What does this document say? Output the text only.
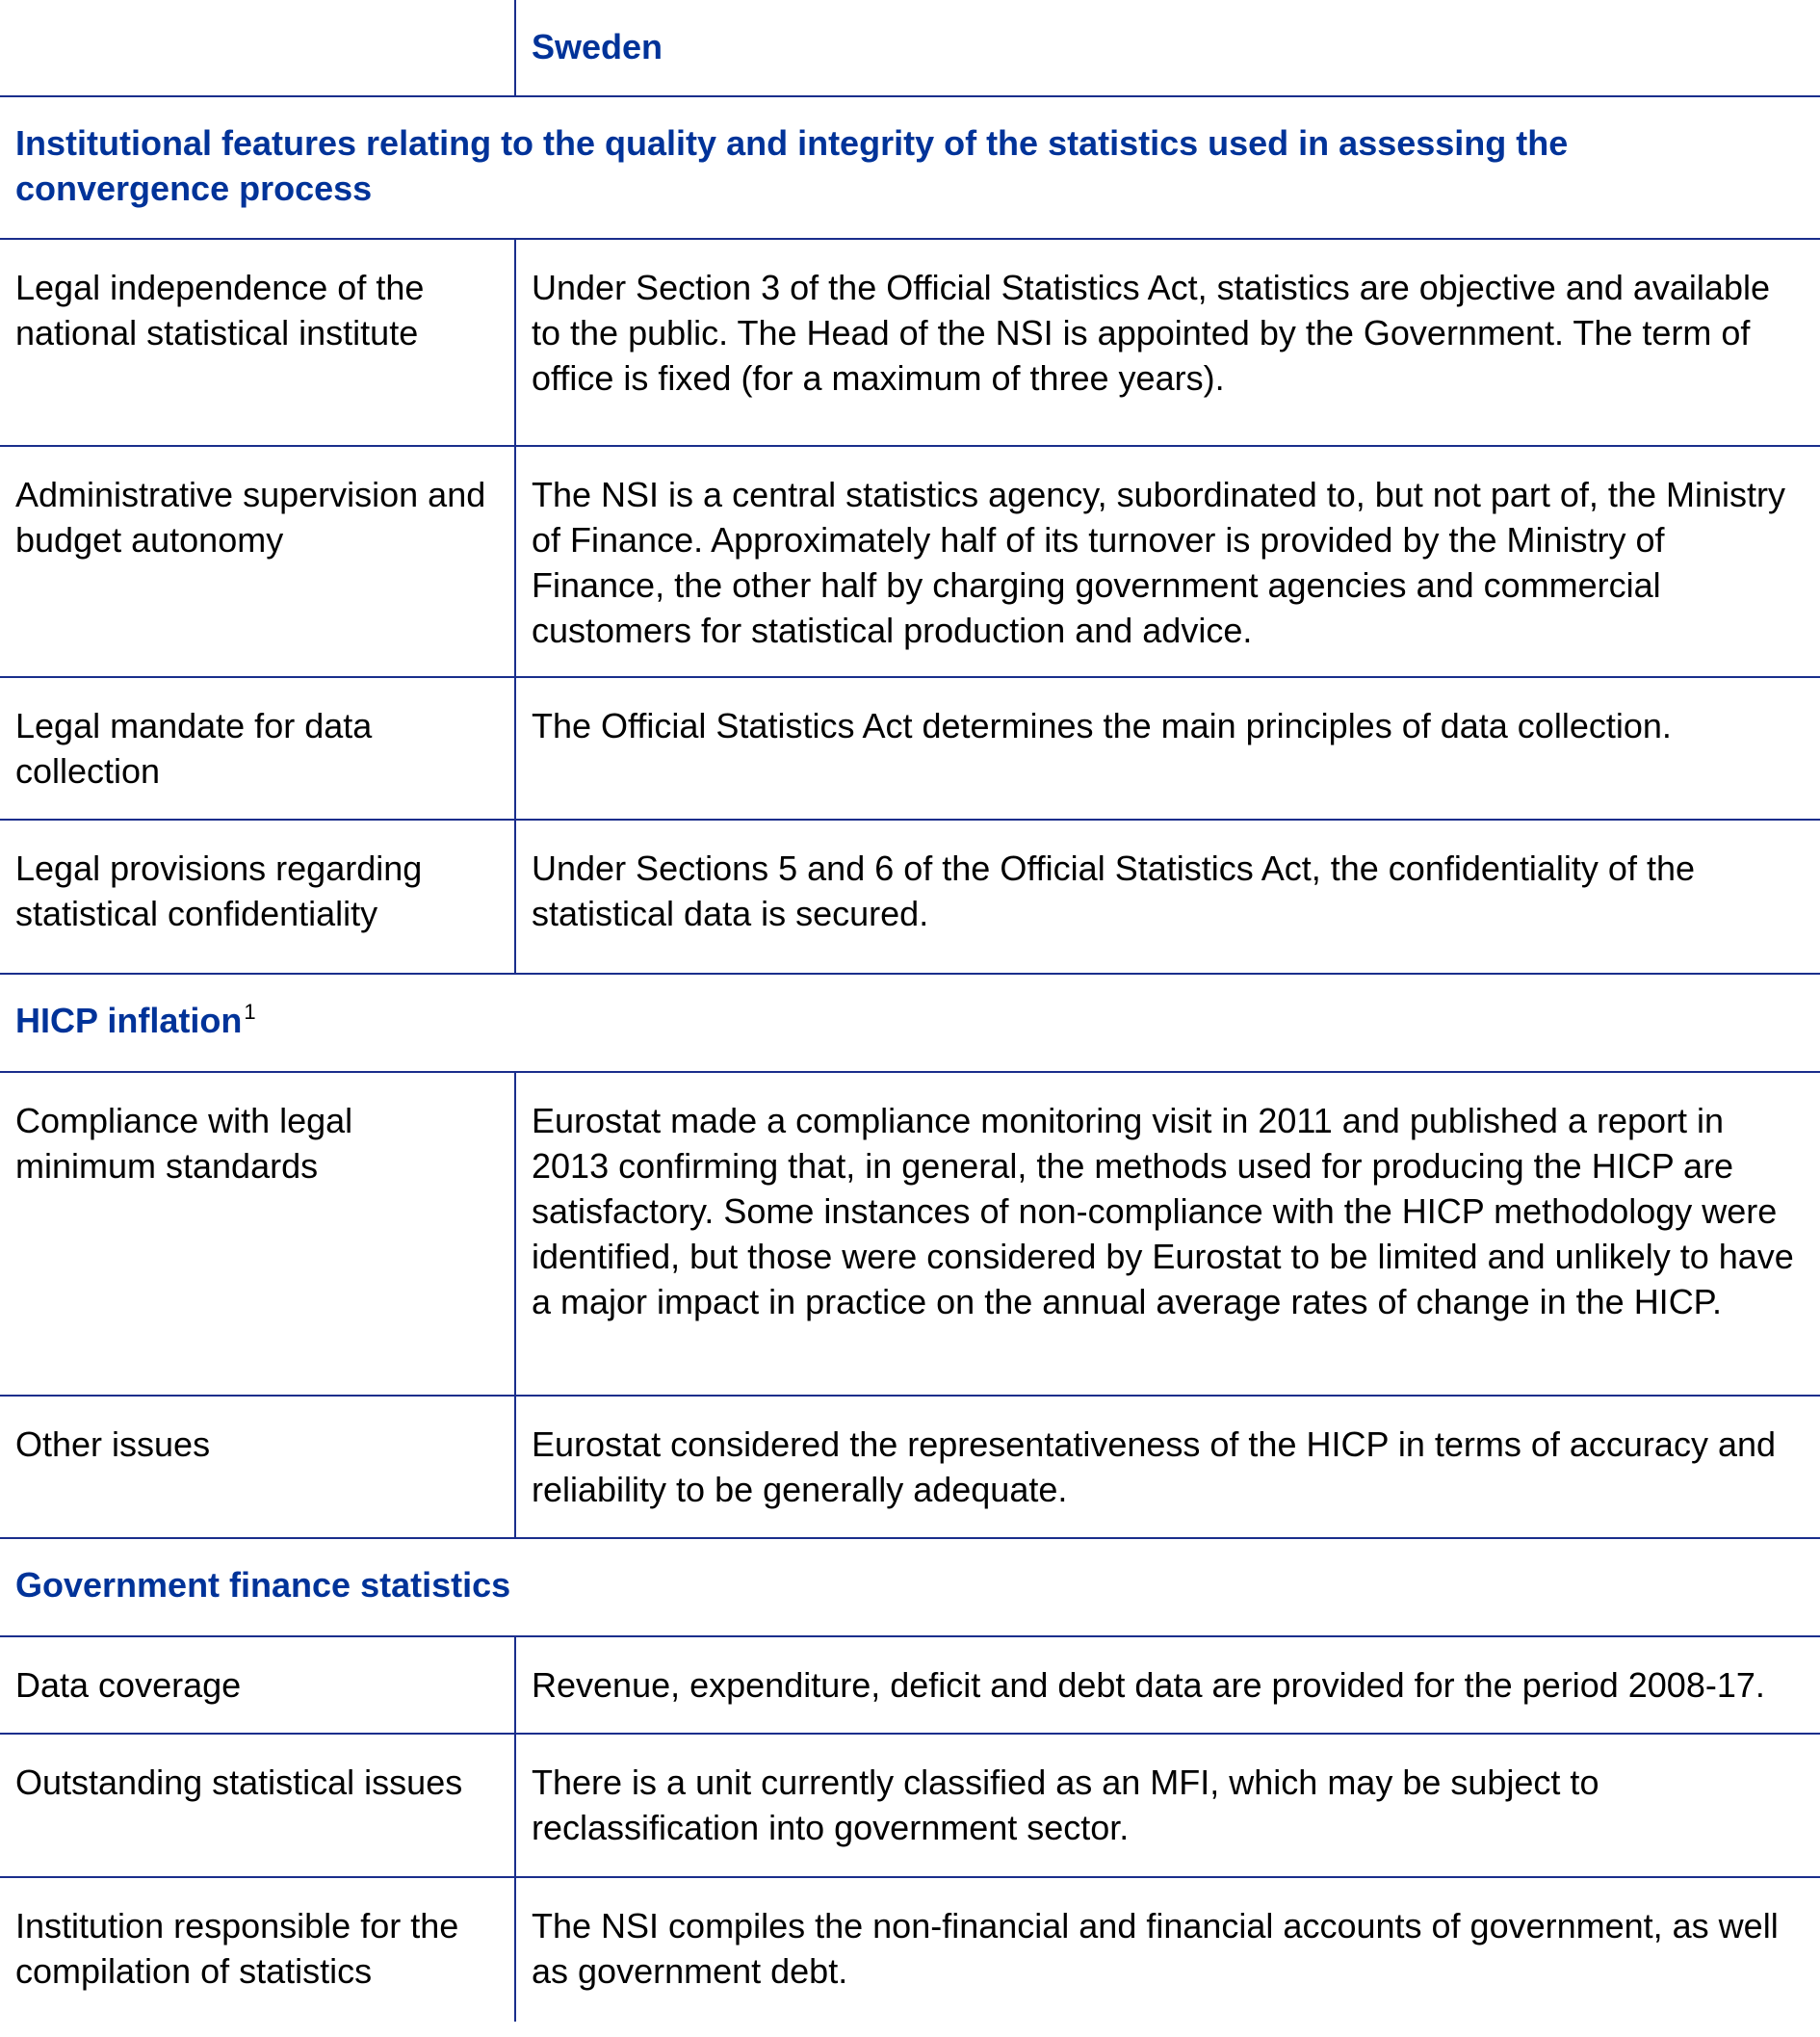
	Sweden
Institutional features relating to the quality and integrity of the statistics used in assessing the convergence process	
Legal independence of the national statistical institute	Under Section 3 of the Official Statistics Act, statistics are objective and available to the public. The Head of the NSI is appointed by the Government. The term of office is fixed (for a maximum of three years).
Administrative supervision and budget autonomy	The NSI is a central statistics agency, subordinated to, but not part of, the Ministry of Finance. Approximately half of its turnover is provided by the Ministry of Finance, the other half by charging government agencies and commercial customers for statistical production and advice.
Legal mandate for data collection	The Official Statistics Act determines the main principles of data collection.
Legal provisions regarding statistical confidentiality	Under Sections 5 and 6 of the Official Statistics Act, the confidentiality of the statistical data is secured.
HICP inflation$^1$
Compliance with legal minimum standards	Eurostat made a compliance monitoring visit in 2011 and published a report in 2013 confirming that, in general, the methods used for producing the HICP are satisfactory. Some instances of non-compliance with the HICP methodology were identified, but those were considered by Eurostat to be limited and unlikely to have a major impact in practice on the annual average rates of change in the HICP.
Other issues	Eurostat considered the representativeness of the HICP in terms of accuracy and reliability to be generally adequate.
Government finance statistics	
Data coverage	Revenue, expenditure, deficit and debt data are provided for the period 2008-17.
Outstanding statistical issues	There is a unit currently classified as an MFI, which may be subject to reclassification into government sector.
Institution responsible for the compilation of statistics	The NSI compiles the non-financial and financial accounts of government, as well as government debt.
